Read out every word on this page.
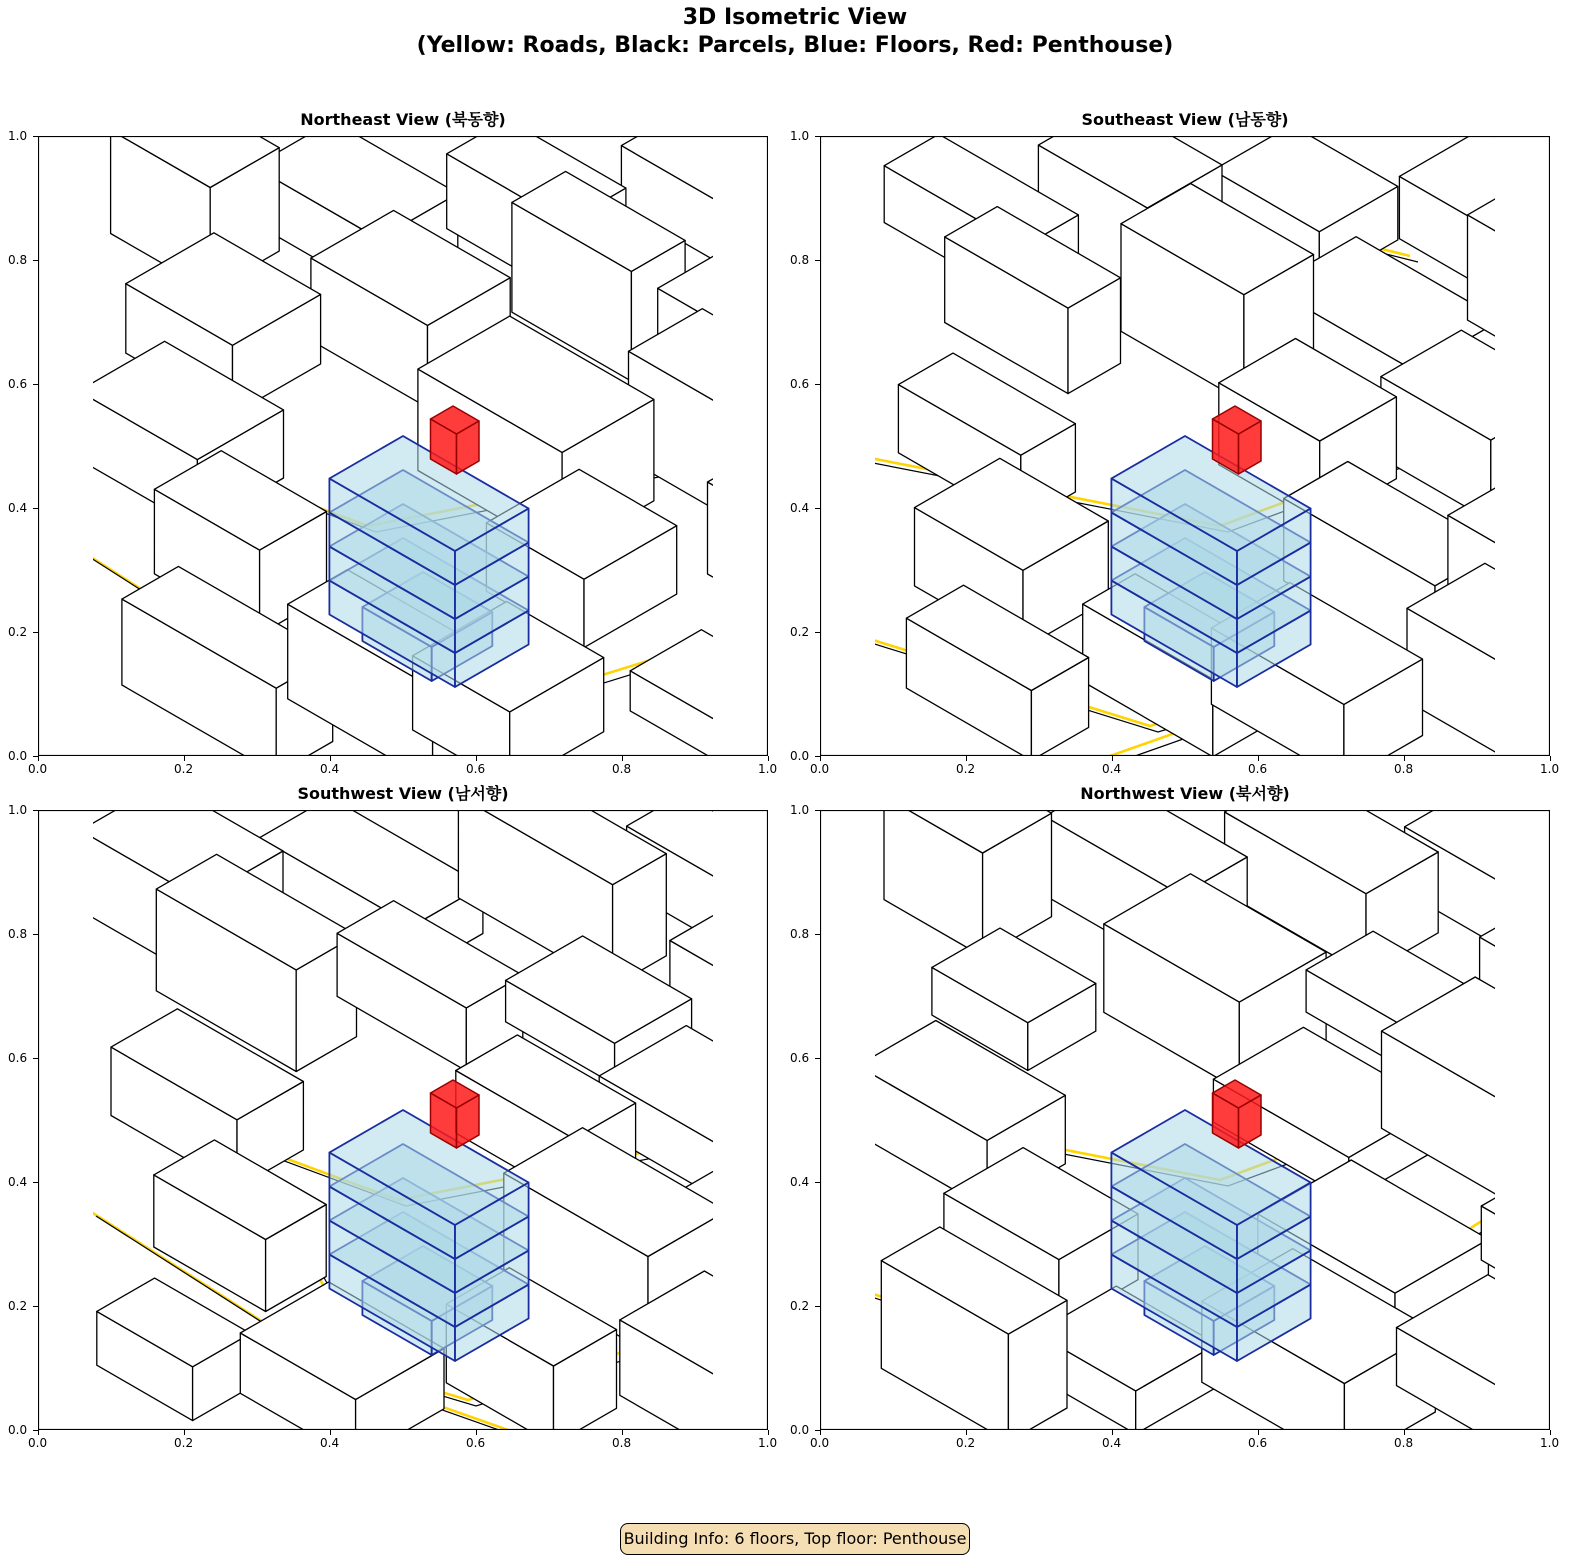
3D Isometric View
(Yellow: Roads, Black: Parcels, Blue: Floors, Red: Penthouse)
Northeast View (북동향)
0.0	0.2	0.4	0.6	0.8	1.0
0.0
0.2
0.4
0.6
0.8
1.0
Southeast View (남동향)
0.0	0.2	0.4	0.6	0.8	1.0
0.0
0.2
0.4
0.6
0.8
1.0
Southwest View (남서향)
0.0	0.2	0.4	0.6	0.8	1.0
0.0
0.2
0.4
0.6
0.8
1.0
Northwest View (북서향)
0.0	0.2	0.4	0.6	0.8	1.0
0.0
0.2
0.4
0.6
0.8
1.0
Building Info: 6 floors, Top floor: Penthouse
